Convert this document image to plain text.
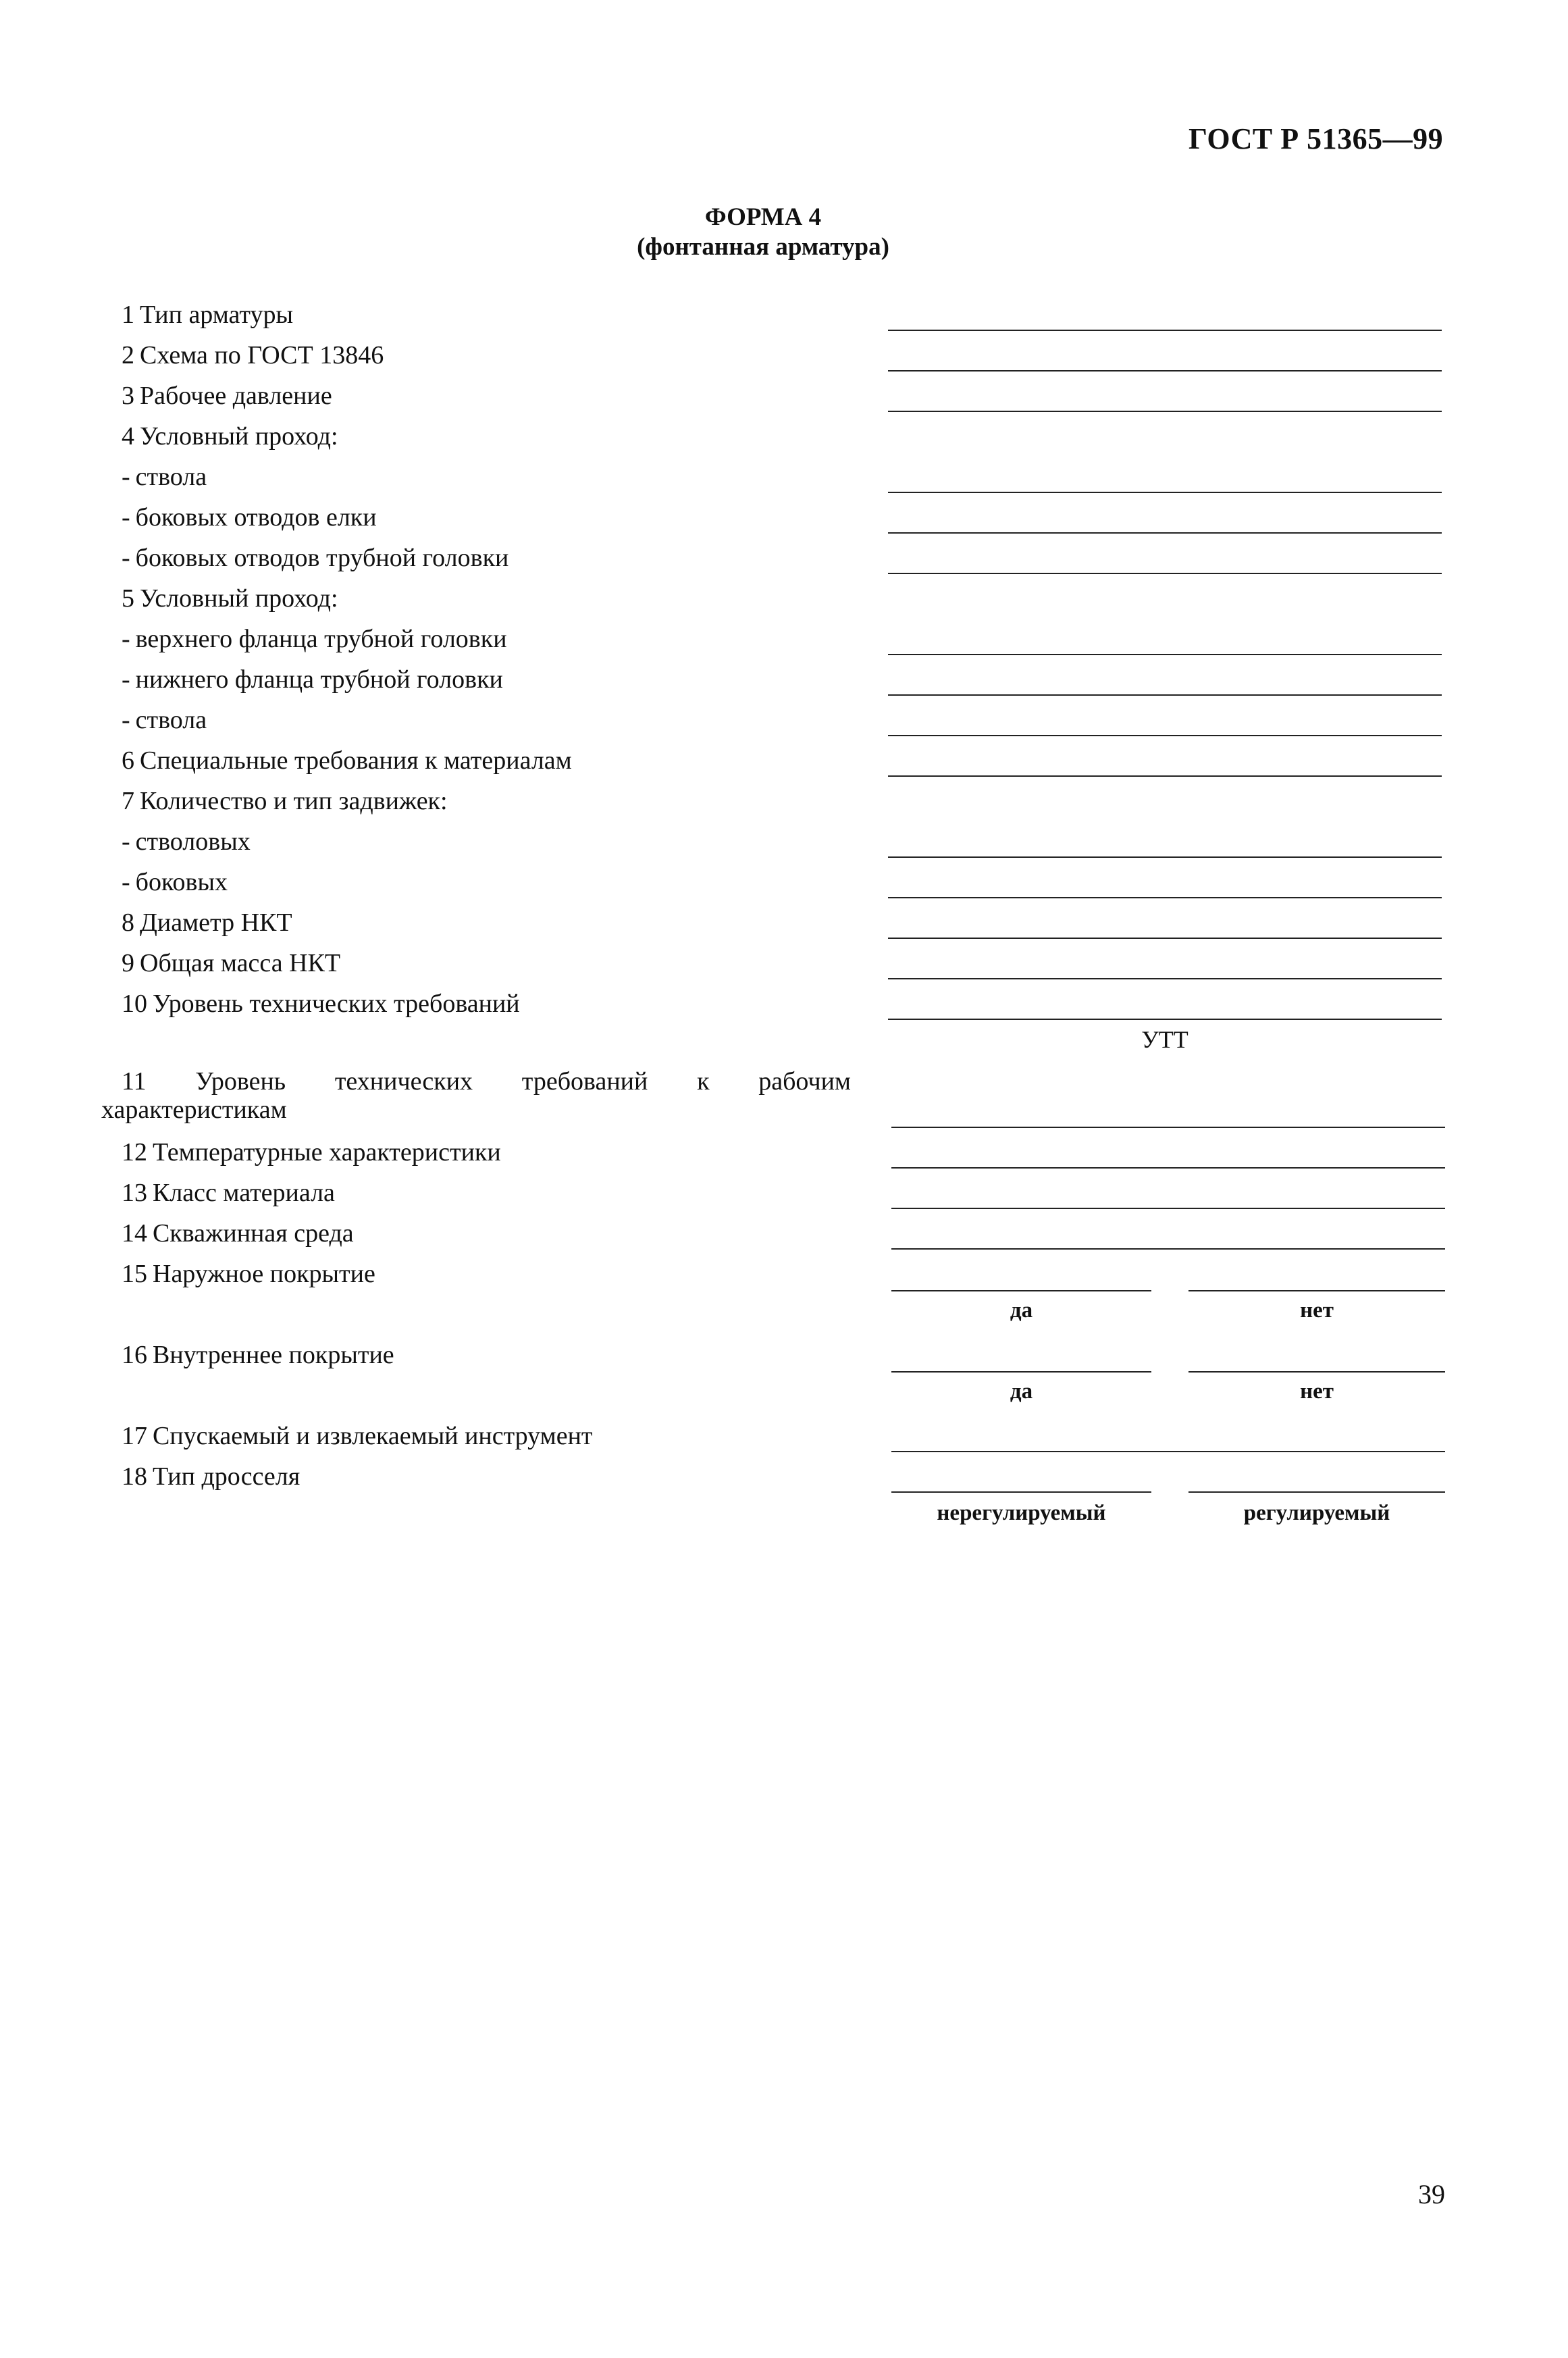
ГОСТ Р 51365—99
ФОРМА 4
(фонтанная арматура)
1 Тип арматуры
2 Схема по ГОСТ 13846
3 Рабочее давление
4 Условный проход:
- ствола
- боковых отводов елки
- боковых отводов трубной головки
5 Условный проход:
- верхнего фланца трубной головки
- нижнего фланца трубной головки
- ствола
6 Специальные требования к материалам
7 Количество и тип задвижек:
- стволовых
- боковых
8 Диаметр НКТ
9 Общая масса НКТ
10 Уровень технических требований
УТТ
11 Уровень технических требований к рабочим
характеристикам
12 Температурные характеристики
13 Класс материала
14 Скважинная среда
15 Наружное покрытие
да	нет
16 Внутреннее покрытие
да	нет
17 Спускаемый и извлекаемый инструмент
18 Тип дросселя
нерегулируемый	регулируемый
39
